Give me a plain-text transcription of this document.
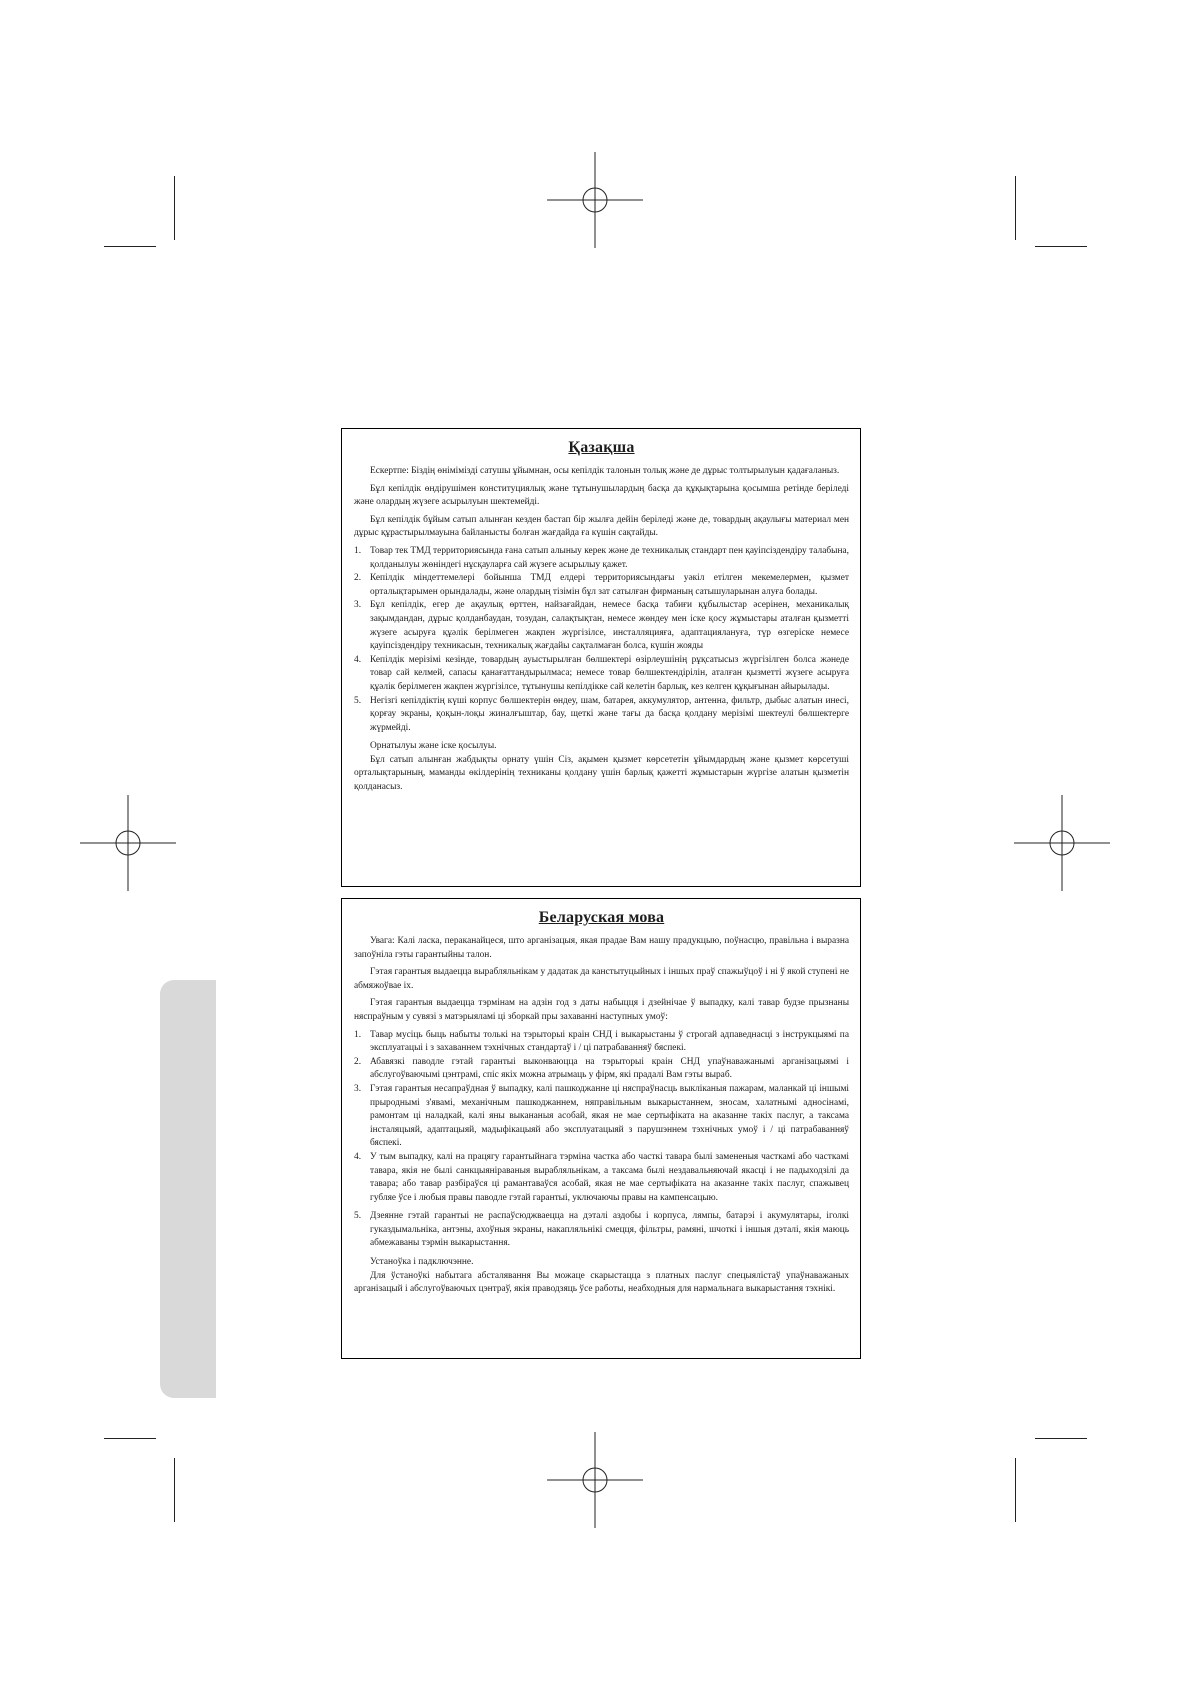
Қазақша

Ескертпе: Біздің өніміміздi сатушы ұйымнан, осы кепілдік талонын толық және де дұрыс толтырылуын қадағаланыз.

Бұл кепілдік өндірушімен конституциялық және тұтынушылардың басқа да құқықтарына қосымша ретінде беріледі және олардың жүзеге асырылуын шектемейді.

Бұл кепілдік бұйым сатып алынған кезден бастап бір жылға дейін беріледі және де, товардың ақаулығы материал мен дұрыс құрастырылмауына байланысты болған жағдайда ға күшін сақтайды.

1. Товар тек ТМД территориясында ғана сатып алыныу керек және де техникалық стандарт пен қауіпсіздендіру талабына, қолданылуы жөніндегі нұсқауларға сай жүзеге асырылыу қажет.
2. Кепілдік міндеттемелері бойынша ТМД елдері территориясындағы уәкіл етілген мекемелермен, қызмет орталықтарымен орындалады, және олардың тізімін бұл зат сатылған фирманың сатышуларынан алуға болады.
3. Бұл кепілдік, егер де ақаулық өрттен, найзағайдан, немесе басқа табиғи құбылыстар әсерінен, механикалық зақымдандан, дұрыс қолданбаудан, тозудан, салақтықтан, немесе жөндеу мен іске қосу жұмыстары аталған қызметті жүзеге асыруға құәлік берілмеген жақпен жүргізілсе, инсталляцияға, адаптациялануға, түр өзгеріске немесе қауіпсіздендіру техникасын, техникалық жағдайы сақталмаған болса, күшін жояды
4. Кепілдік мерізімі кезінде, товардың ауыстырылған бөлшектері өзірлеушінің рұқсатысыз жүргізілген болса жәнеде товар сай келмей, сапасы қанағаттандырылмаса; немесе товар бөлшектендірілін, аталған қызметті жүзеге асыруға құәлік берілмеген жақпен жүргізілсе, тұтынушы кепілдікке сай келетін барлық, кез келген құқығынан айырылады.
5. Негізгі кепілдіктің күші корпус бөлшектерін өндеу, шам, батарея, аккумулятор, антенна, фильтр, дыбыс алатын инесі, қорғау экраны, қоқын-лоқы жиналғыштар, бау, щеткі және тағы да басқа қолдану мерізімі шектеулі бөлшектерге жүрмейді.

Орнатылуы және іске қосылуы.

Бұл сатып алынған жабдықты орнату үшін Сіз, ақымен қызмет көрсететін ұйымдардың және қызмет көрсетуші орталықтарының, маманды өкілдерінің техниканы қолдану үшін барлық қажетті жұмыстарын жүргізе алатын қызметін қолданасыз.

Беларуская мова

Увага: Калі ласка, пераканайцеся, што арганізацыя, якая прадае Вам нашу прадукцыю, поўнасцю, правільна і выразна запоўніла гэты гарантыйны талон.

Гэтая гарантыя выдаецца вырабляльнікам у дадатак да канстытуцыйных і іншых праў спажыўцоў і ні ў якой ступені не абмяжоўвае іх.

Гэтая гарантыя выдаецца тэрмінам на адзін год з даты набыцця і дзейнічае ў выпадку, калі тавар будзе прызнаны няспраўным у сувязі з матэрыяламі ці зборкай пры захаванні наступных умоў:

1. Тавар мусіць быць набыты толькі на тэрыторыі краін СНД і выкарыстаны ў строгай адпаведнасці з інструкцыямі па эксплуатацыі і з захаваннем тэхнічных стандартаў і / ці патрабаванняў бяспекі.
2. Абавязкі паводле гэтай гарантыі выконваюцца на тэрыторыі краін СНД упаўнаважанымі арганізацыямі і абслугоўваючымі цэнтрамі, спіс якіх можна атрымаць у фірм, які прадалі Вам гэты выраб.
3. Гэтая гарантыя несапраўдная ў выпадку, калі пашкоджанне ці няспраўнасць выкліканыя пажарам, маланкай ці іншымі прыроднымі з'явамі, механічным пашкоджаннем, няправільным выкарыстаннем, зносам, халатнымі адносінамі, рамонтам ці наладкай, калі яны выкананыя асобай, якая не мае сертыфіката на аказанне такіх паслуг, а таксама інсталяцыяй, адаптацыяй, мадыфікацыяй або эксплуатацыяй з парушэннем тэхнічных умоў і / ці патрабаванняў бяспекі.
4. У тым выпадку, калі на працягу гарантыйнага тэрміна частка або часткі тавара былі замененыя часткамі або часткамі тавара, якія не былі санкцыяніраваныя вырабляльнікам, а таксама былі нездавальняючай якасці і не падыходзілі да тавара; або тавар разбіраўся ці рамантаваўся асобай, якая не мае сертыфіката на аказанне такіх паслуг, спажывец губляе ўсе і любыя правы паводле гэтай гарантыі, уключаючы правы на кампенсацыю.
5. Дзеянне гэтай гарантыі не распаўсюджваецца на дэталі аздобы і корпуса, лямпы, батарэі і акумулятары, іголкі гуказдымальніка, антэны, ахоўныя экраны, накапляльнікі смецця, фільтры, рамяні, шчоткі і іншыя дэталі, якія маюць абмежаваны тэрмін выкарыстання.

Устаноўка і падключэнне.

Для ўстаноўкі набытага абсталявання Вы можаце скарыстацца з платных паслуг спецыялістаў упаўнаважаных арганізацый і абслугоўваючых цэнтраў, якія праводзяць ўсе работы, неабходныя для нармальнага выкарыстання тэхнікі.
